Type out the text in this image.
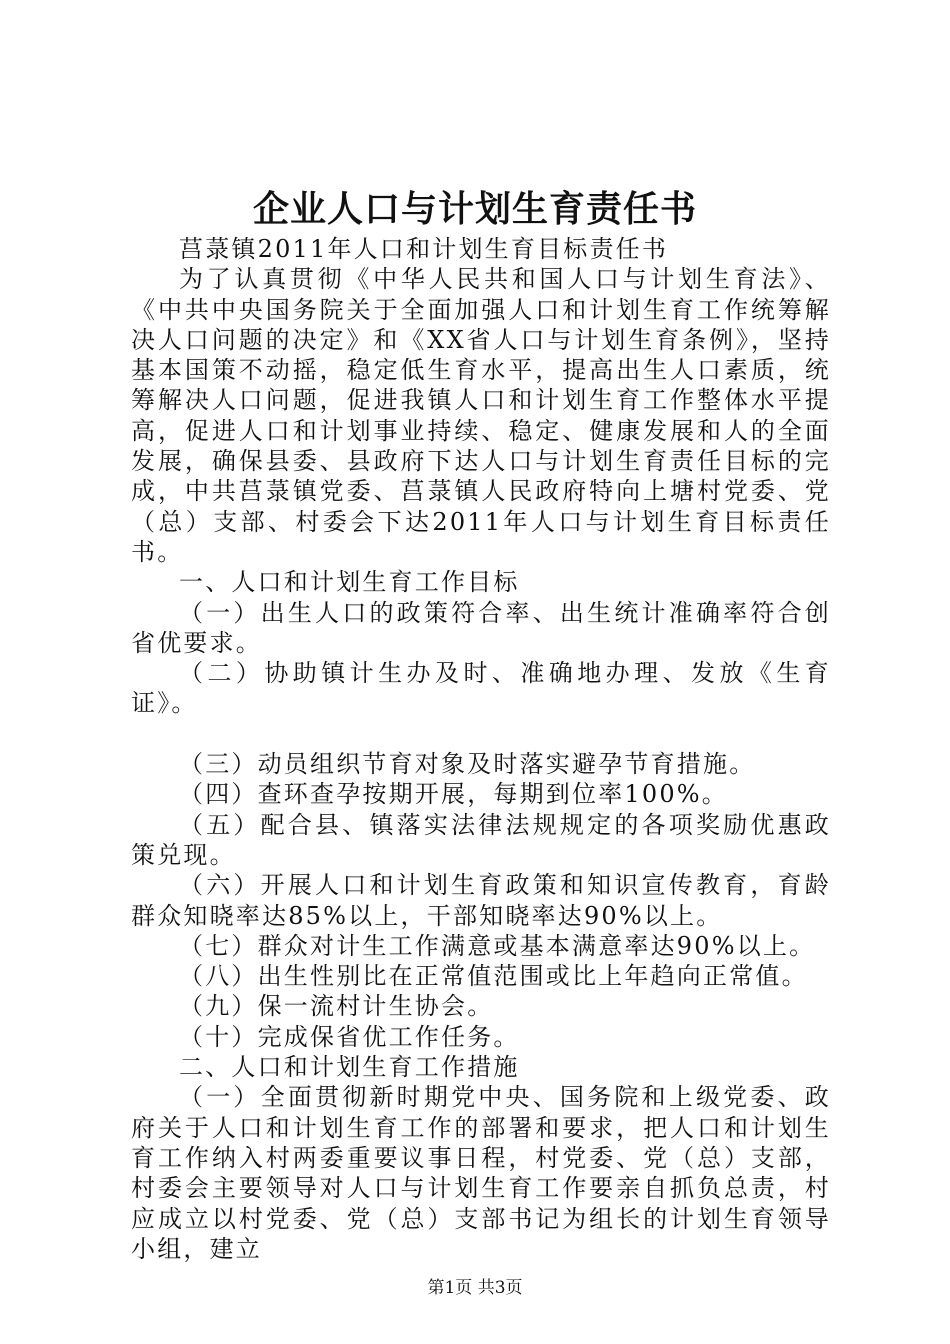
企业人口与计划生育责任书

莒菉镇2011年人口和计划生育目标责任书

为了认真贯彻《中华人民共和国人口与计划生育法》、《中共中央国务院关于全面加强人口和计划生育工作统筹解决人口问题的决定》和《XX省人口与计划生育条例》，坚持基本国策不动摇，稳定低生育水平，提高出生人口素质，统筹解决人口问题，促进我镇人口和计划生育工作整体水平提高，促进人口和计划事业持续、稳定、健康发展和人的全面发展，确保县委、县政府下达人口与计划生育责任目标的完成，中共莒菉镇党委、莒菉镇人民政府特向上塘村党委、党（总）支部、村委会下达2011年人口与计划生育目标责任书。

一、人口和计划生育工作目标

（一）出生人口的政策符合率、出生统计准确率符合创省优要求。

（二）协助镇计生办及时、准确地办理、发放《生育证》。

（三）动员组织节育对象及时落实避孕节育措施。

（四）查环查孕按期开展，每期到位率100%。

（五）配合县、镇落实法律法规规定的各项奖励优惠政策兑现。

（六）开展人口和计划生育政策和知识宣传教育，育龄群众知晓率达85%以上，干部知晓率达90%以上。

（七）群众对计生工作满意或基本满意率达90%以上。

（八）出生性别比在正常值范围或比上年趋向正常值。

（九）保一流村计生协会。

（十）完成保省优工作任务。

二、人口和计划生育工作措施

（一）全面贯彻新时期党中央、国务院和上级党委、政府关于人口和计划生育工作的部署和要求，把人口和计划生育工作纳入村两委重要议事日程，村党委、党（总）支部，村委会主要领导对人口与计划生育工作要亲自抓负总责，村应成立以村党委、党（总）支部书记为组长的计划生育领导小组，建立

第1页 共3页
